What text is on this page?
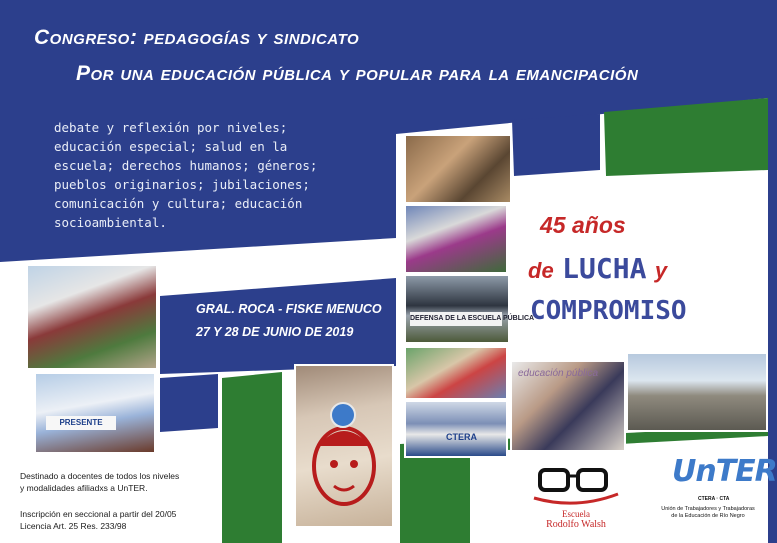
Congreso: pedagogías y sindicato
Por una educación pública y popular para la emancipación
debate y reflexión por niveles;
educación especial; salud en la
escuela; derechos humanos; géneros;
pueblos originarios; jubilaciones;
comunicación y cultura; educación
socioambiental.
GRAL. ROCA - FISKE MENUCO
27 Y 28 DE JUNIO DE 2019
45 años
de LUCHA y
COMPROMISO
DEFENSA DE LA ESCUELA PÚBLICA
CTERA
educación pública
PRESENTE
Destinado a docentes de todos los niveles
y modalidades afiliadxs a UnTER.
Inscripción en seccional a partir del 20/05
Licencia Art. 25 Res. 233/98
Escuela
Rodolfo Walsh
UnTER
CTERA · CTA
Unión de Trabajadores y Trabajadoras
de la Educación de Río Negro
